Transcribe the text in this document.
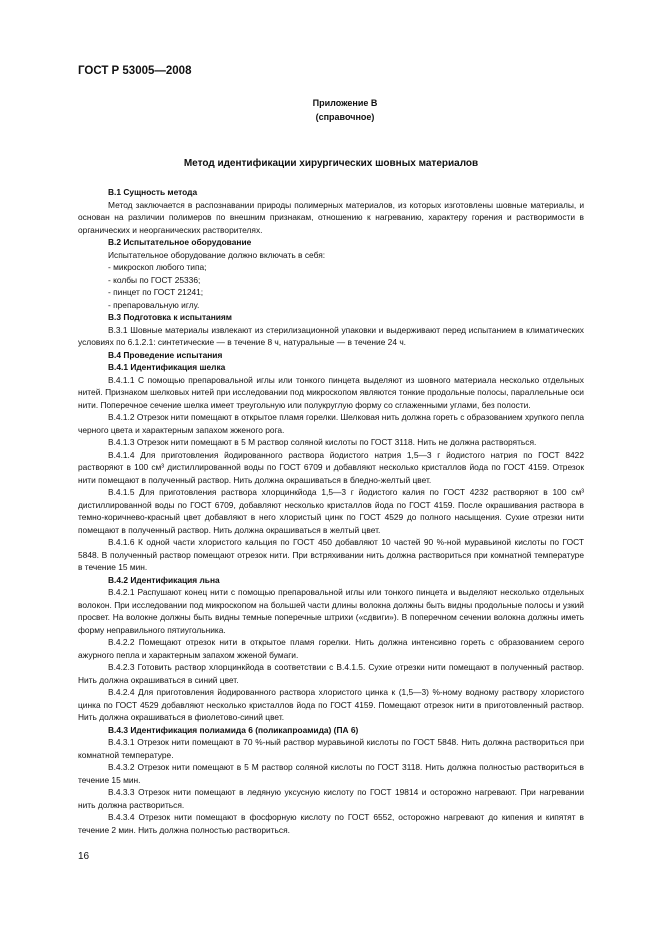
ГОСТ Р 53005—2008
Приложение В
(справочное)
Метод идентификации хирургических шовных материалов

В.1 Сущность метода

Метод заключается в распознавании природы полимерных материалов, из которых изготовлены шовные материалы, и основан на различии полимеров по внешним признакам, отношению к нагреванию, характеру горения и растворимости в органических и неорганических растворителях.

В.2 Испытательное оборудование

Испытательное оборудование должно включать в себя:

- микроскоп любого типа;

- колбы по ГОСТ 25336;

- пинцет по ГОСТ 21241;

- препаровальную иглу.

В.3 Подготовка к испытаниям

В.3.1 Шовные материалы извлекают из стерилизационной упаковки и выдерживают перед испытанием в климатических условиях по 6.1.2.1: синтетические — в течение 8 ч, натуральные — в течение 24 ч.

В.4 Проведение испытания

В.4.1 Идентификация шелка

В.4.1.1 С помощью препаровальной иглы или тонкого пинцета выделяют из шовного материала несколько отдельных нитей. Признаком шелковых нитей при исследовании под микроскопом являются тонкие продольные полосы, параллельные оси нити. Поперечное сечение шелка имеет треугольную или полукруглую форму со сглаженными углами, без полости.

В.4.1.2 Отрезок нити помещают в открытое пламя горелки. Шелковая нить должна гореть с образованием хрупкого пепла черного цвета и характерным запахом жженого рога.

В.4.1.3 Отрезок нити помещают в 5 М раствор соляной кислоты по ГОСТ 3118. Нить не должна растворяться.

В.4.1.4 Для приготовления йодированного раствора йодистого натрия 1,5—3 г йодистого натрия по ГОСТ 8422 растворяют в 100 см³ дистиллированной воды по ГОСТ 6709 и добавляют несколько кристаллов йода по ГОСТ 4159. Отрезок нити помещают в полученный раствор. Нить должна окрашиваться в бледно-желтый цвет.

В.4.1.5 Для приготовления раствора хлорцинкйода 1,5—3 г йодистого калия по ГОСТ 4232 растворяют в 100 см³ дистиллированной воды по ГОСТ 6709, добавляют несколько кристаллов йода по ГОСТ 4159. После окрашивания раствора в темно-коричнево-красный цвет добавляют в него хлористый цинк по ГОСТ 4529 до полного насыщения. Сухие отрезки нити помещают в полученный раствор. Нить должна окрашиваться в желтый цвет.

В.4.1.6 К одной части хлористого кальция по ГОСТ 450 добавляют 10 частей 90 %-ной муравьиной кислоты по ГОСТ 5848. В полученный раствор помещают отрезок нити. При встряхивании нить должна раствориться при комнатной температуре в течение 15 мин.

В.4.2 Идентификация льна

В.4.2.1 Распушают конец нити с помощью препаровальной иглы или тонкого пинцета и выделяют несколько отдельных волокон. При исследовании под микроскопом на большей части длины волокна должны быть видны продольные полосы и узкий просвет. На волокне должны быть видны темные поперечные штрихи («сдвиги»). В поперечном сечении волокна должны иметь форму неправильного пятиугольника.

В.4.2.2 Помещают отрезок нити в открытое пламя горелки. Нить должна интенсивно гореть с образованием серого ажурного пепла и характерным запахом жженой бумаги.

В.4.2.3 Готовить раствор хлорцинкйода в соответствии с В.4.1.5. Сухие отрезки нити помещают в полученный раствор. Нить должна окрашиваться в синий цвет.

В.4.2.4 Для приготовления йодированного раствора хлористого цинка к (1,5—3) %-ному водному раствору хлористого цинка по ГОСТ 4529 добавляют несколько кристаллов йода по ГОСТ 4159. Помещают отрезок нити в приготовленный раствор. Нить должна окрашиваться в фиолетово-синий цвет.

В.4.3 Идентификация полиамида 6 (поликапроамида) (ПА 6)

В.4.3.1 Отрезок нити помещают в 70 %-ный раствор муравьиной кислоты по ГОСТ 5848. Нить должна раствориться при комнатной температуре.

В.4.3.2 Отрезок нити помещают в 5 М раствор соляной кислоты по ГОСТ 3118. Нить должна полностью раствориться в течение 15 мин.

В.4.3.3 Отрезок нити помещают в ледяную уксусную кислоту по ГОСТ 19814 и осторожно нагревают. При нагревании нить должна раствориться.

В.4.3.4 Отрезок нити помещают в фосфорную кислоту по ГОСТ 6552, осторожно нагревают до кипения и кипятят в течение 2 мин. Нить должна полностью раствориться.

16
